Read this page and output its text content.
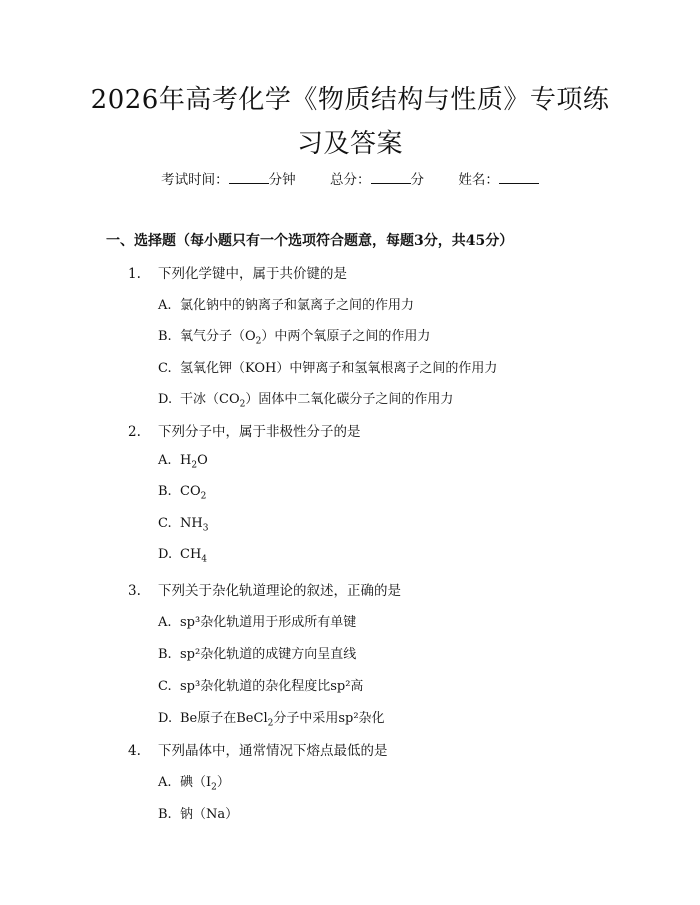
2026年高考化学《物质结构与性质》专项练
习及答案
考试时间：	分钟	总分：	分	姓名：
一、选择题（每小题只有一个选项符合题意，每题3分，共45分）
1. 下列化学键中，属于共价键的是
A. 氯化钠中的钠离子和氯离子之间的作用力
B. 氧气分子$(O_2)$中两个氧原子之间的作用力
C. 氢氧化钾（KOH）中钾离子和氢氧根离子之间的作用力
D. 干冰$(CO_2)$固体中二氧化碳分子之间的作用力
2. 下列分子中，属于非极性分子的是
A. $H_2O$
B. $CO_2$
C. $NH_3$
D. $CH_4$
3. 下列关于杂化轨道理论的叙述，正确的是
A. sp³杂化轨道用于形成所有单键
B. sp²杂化轨道的成键方向呈直线
C. sp³杂化轨道的杂化程度比sp²高
D. Be原子在BeCl$_2$分子中采用sp²杂化
4. 下列晶体中，通常情况下熔点最低的是
A. 碘$(I_2)$
B. 钠（Na）
